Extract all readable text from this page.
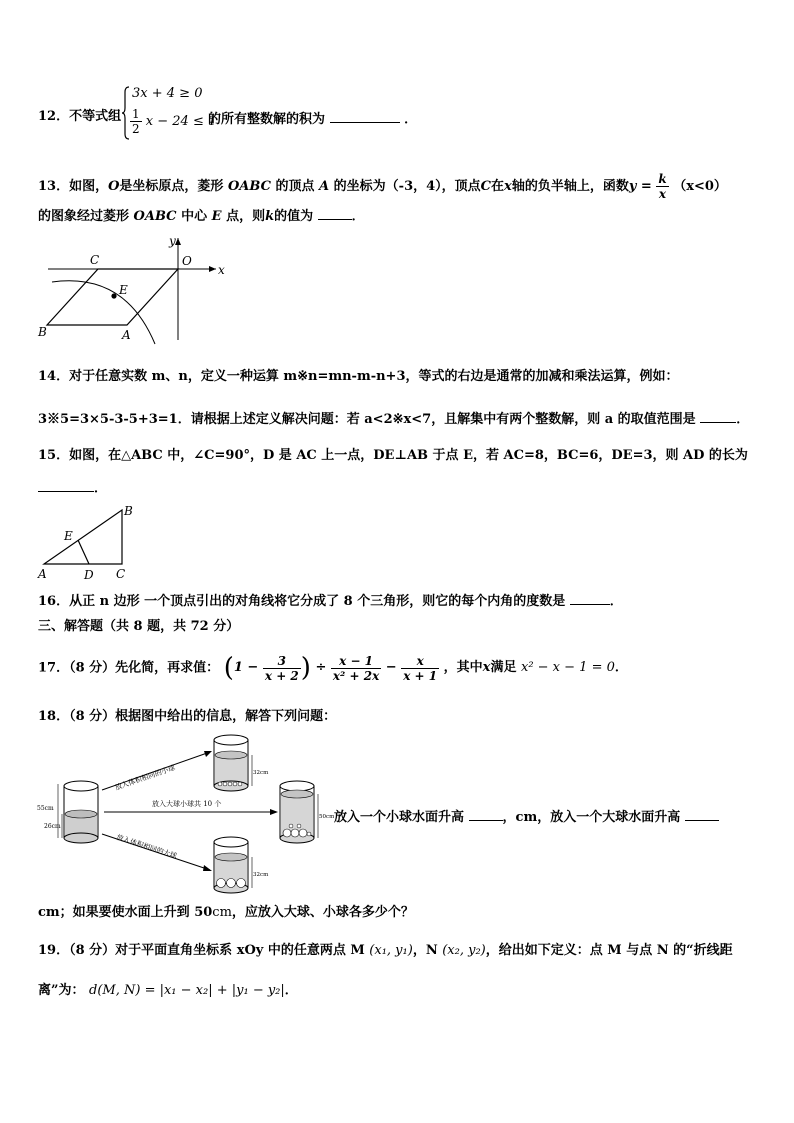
12．不等式组
3x + 4 ≥ 0
$\frac{1}{2}$ x − 24 ≤ 1
的所有整数解的积为	．
13．如图，O是坐标原点，菱形 OABC 的顶点 A 的坐标为（-3，4），顶点C在x轴的负半轴上，函数$y = \frac{k}{x} (x<0)$
的图象经过菱形 OABC 中心 E 点，则k的值为	．
C	O
y
x
E
B	A
14．对于任意实数 m、n，定义一种运算 m※n=mn-m-n+3，等式的右边是通常的加减和乘法运算，例如：
3※5=3×5-3-5+3=1．请根据上述定义解决问题：若 a<2※x<7，且解集中有两个整数解，则 a 的取值范围是	．
15．如图，在△ABC 中，∠C=90°，D 是 AC 上一点，DE⊥AB 于点 E，若 AC=8，BC=6，DE=3，则 AD 的长为
．
B
E
A	D C
16．从正 n 边形 一个顶点引出的对角线将它分成了 8 个三角形，则它的每个内角的度数是	．
三、解答题（共 8 题，共 72 分）
17．（8 分）先化简，再求值： ($1 - \frac{3}{x + 2}$ ) ÷ $\frac{x - 1}{\text{x² + 2x}} - \frac{x}{x + 1}$ ，其中x满足 x² − x − 1 = 0．
18．（8 分）根据图中给出的信息，解答下列问题：
55cm
26cm
放入体积相同的小球
放入大球小球共 10 个
放入体积相同的大球
32cm
50cm
32cm
放入一个小球水面升高	，cm，放入一个大球水面升高
cm；如果要使水面上升到 50cm，应放入大球、小球各多少个？
19．（8 分）对于平面直角坐标系 xOy 中的任意两点 M (x₁, y₁)，N (x₂, y₂)，给出如下定义：点 M 与点 N 的“折线距
离”为： d(M, N) = |x₁ − x₂| + |y₁ − y₂|．
